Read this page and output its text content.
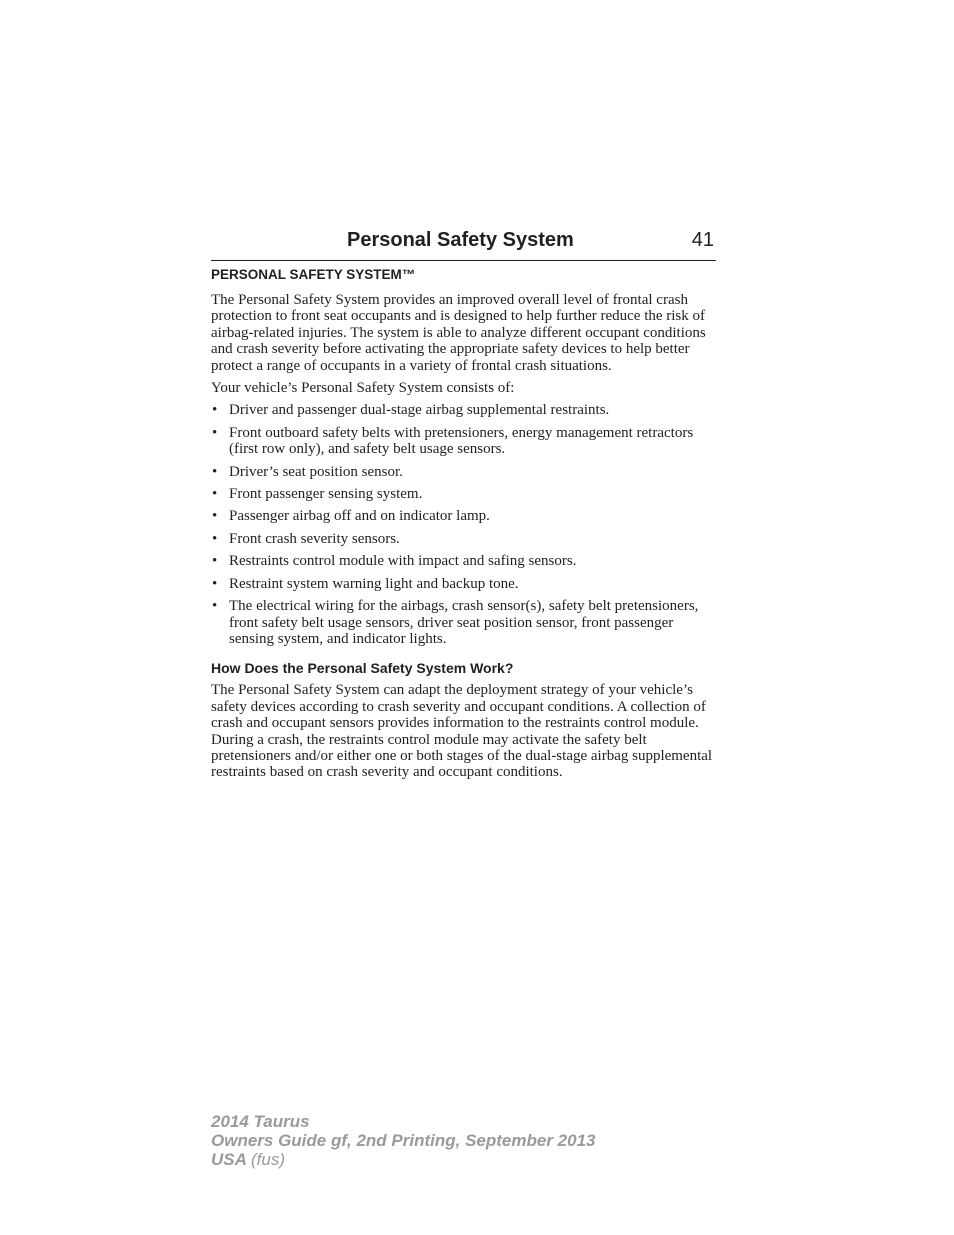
Personal Safety System	41
PERSONAL SAFETY SYSTEM™

The Personal Safety System provides an improved overall level of frontal crash protection to front seat occupants and is designed to help further reduce the risk of airbag-related injuries. The system is able to analyze different occupant conditions and crash severity before activating the appropriate safety devices to help better protect a range of occupants in a variety of frontal crash situations.

Your vehicle’s Personal Safety System consists of:

• Driver and passenger dual-stage airbag supplemental restraints.
• Front outboard safety belts with pretensioners, energy management retractors (first row only), and safety belt usage sensors.
• Driver’s seat position sensor.
• Front passenger sensing system.
• Passenger airbag off and on indicator lamp.
• Front crash severity sensors.
• Restraints control module with impact and safing sensors.
• Restraint system warning light and backup tone.
• The electrical wiring for the airbags, crash sensor(s), safety belt pretensioners, front safety belt usage sensors, driver seat position sensor, front passenger sensing system, and indicator lights.
How Does the Personal Safety System Work?

The Personal Safety System can adapt the deployment strategy of your vehicle’s safety devices according to crash severity and occupant conditions. A collection of crash and occupant sensors provides information to the restraints control module. During a crash, the restraints control module may activate the safety belt pretensioners and/or either one or both stages of the dual-stage airbag supplemental restraints based on crash severity and occupant conditions.

2014 Taurus
Owners Guide gf, 2nd Printing, September 2013
USA (fus)
